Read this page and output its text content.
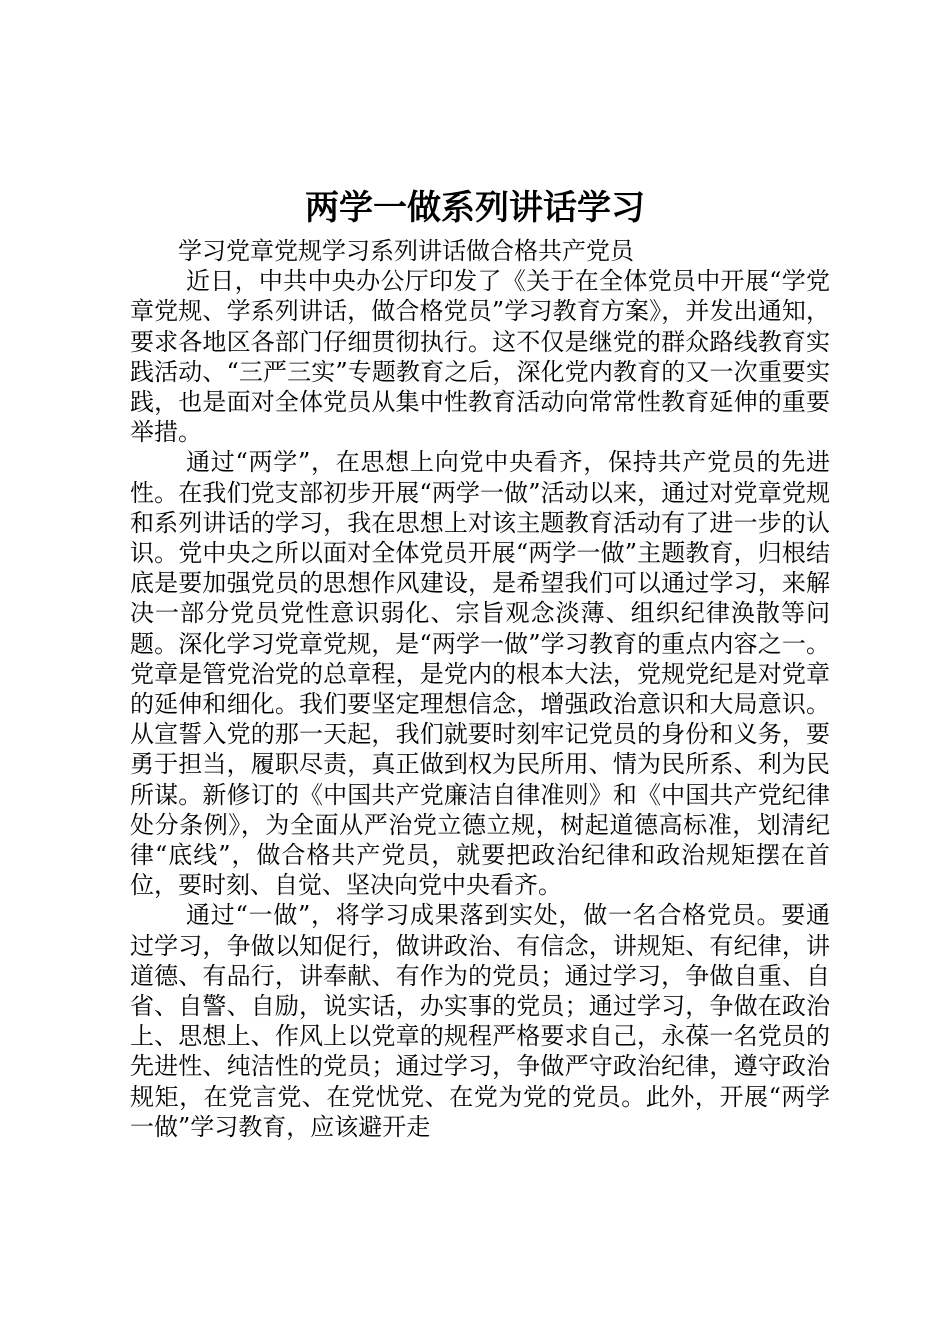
两学一做系列讲话学习

学习党章党规学习系列讲话做合格共产党员

近日，中共中央办公厅印发了《关于在全体党员中开展“学党章党规、学系列讲话，做合格党员”学习教育方案》，并发出通知，要求各地区各部门仔细贯彻执行。这不仅是继党的群众路线教育实践活动、“三严三实”专题教育之后，深化党内教育的又一次重要实践，也是面对全体党员从集中性教育活动向常常性教育延伸的重要举措。

通过“两学”，在思想上向党中央看齐，保持共产党员的先进性。在我们党支部初步开展“两学一做”活动以来，通过对党章党规和系列讲话的学习，我在思想上对该主题教育活动有了进一步的认识。党中央之所以面对全体党员开展“两学一做”主题教育，归根结底是要加强党员的思想作风建设，是希望我们可以通过学习，来解决一部分党员党性意识弱化、宗旨观念淡薄、组织纪律涣散等问题。深化学习党章党规，是“两学一做”学习教育的重点内容之一。党章是管党治党的总章程，是党内的根本大法，党规党纪是对党章的延伸和细化。我们要坚定理想信念，增强政治意识和大局意识。从宣誓入党的那一天起，我们就要时刻牢记党员的身份和义务，要勇于担当，履职尽责，真正做到权为民所用、情为民所系、利为民所谋。新修订的《中国共产党廉洁自律准则》和《中国共产党纪律处分条例》，为全面从严治党立德立规，树起道德高标准，划清纪律“底线”，做合格共产党员，就要把政治纪律和政治规矩摆在首位，要时刻、自觉、坚决向党中央看齐。

通过“一做”，将学习成果落到实处，做一名合格党员。要通过学习，争做以知促行，做讲政治、有信念，讲规矩、有纪律，讲道德、有品行，讲奉献、有作为的党员；通过学习，争做自重、自省、自警、自励，说实话，办实事的党员；通过学习，争做在政治上、思想上、作风上以党章的规程严格要求自己，永葆一名党员的先进性、纯洁性的党员；通过学习，争做严守政治纪律，遵守政治规矩，在党言党、在党忧党、在党为党的党员。此外，开展“两学一做”学习教育，应该避开走
